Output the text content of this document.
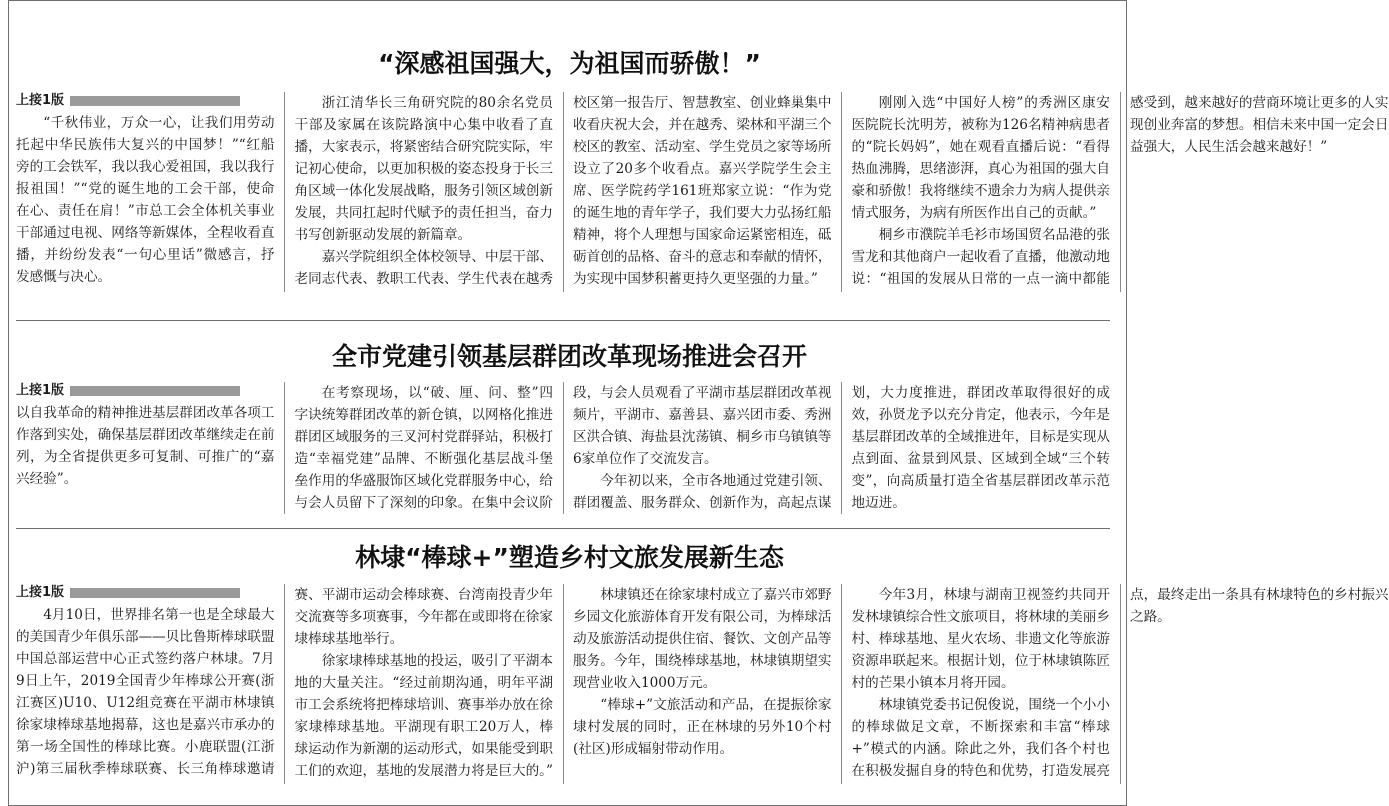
“深感祖国强大，为祖国而骄傲！”
上接1版

“千秋伟业，万众一心，让我们用劳动托起中华民族伟大复兴的中国梦！”“红船旁的工会铁军，我以我心爱祖国，我以我行报祖国！”“党的诞生地的工会干部，使命在心、责任在肩！”市总工会全体机关事业干部通过电视、网络等新媒体，全程收看直播，并纷纷发表“一句心里话”微感言，抒发感慨与决心。

浙江清华长三角研究院的80余名党员干部及家属在该院路演中心集中收看了直播，大家表示，将紧密结合研究院实际，牢记初心使命，以更加积极的姿态投身于长三角区域一体化发展战略，服务引领区域创新发展，共同扛起时代赋予的责任担当，奋力书写创新驱动发展的新篇章。

嘉兴学院组织全体校领导、中层干部、老同志代表、教职工代表、学生代表在越秀校区第一报告厅、智慧教室、创业蜂巢集中收看庆祝大会，并在越秀、梁林和平湖三个校区的教室、活动室、学生党员之家等场所设立了20多个收看点。嘉兴学院学生会主席、医学院药学161班郑家立说：“作为党的诞生地的青年学子，我们要大力弘扬红船精神，将个人理想与国家命运紧密相连，砥砺首创的品格、奋斗的意志和奉献的情怀，为实现中国梦积蓄更持久更坚强的力量。”

刚刚入选“中国好人榜”的秀洲区康安医院院长沈明芳，被称为126名精神病患者的“院长妈妈”，她在观看直播后说：“看得热血沸腾，思绪澎湃，真心为祖国的强大自豪和骄傲！我将继续不遗余力为病人提供亲情式服务，为病有所医作出自己的贡献。”

桐乡市濮院羊毛衫市场国贸名品港的张雪龙和其他商户一起收看了直播，他激动地说：“祖国的发展从日常的一点一滴中都能感受到，越来越好的营商环境让更多的人实现创业奔富的梦想。相信未来中国一定会日益强大，人民生活会越来越好！”

全市党建引领基层群团改革现场推进会召开
上接1版

以自我革命的精神推进基层群团改革各项工作落到实处，确保基层群团改革继续走在前列，为全省提供更多可复制、可推广的“嘉兴经验”。

在考察现场，以“破、厘、问、整”四字诀统筹群团改革的新仓镇，以网格化推进群团区域服务的三叉河村党群驿站，积极打造“幸福党建”品牌、不断强化基层战斗堡垒作用的华盛服饰区域化党群服务中心，给与会人员留下了深刻的印象。在集中会议阶段，与会人员观看了平湖市基层群团改革视频片，平湖市、嘉善县、嘉兴团市委、秀洲区洪合镇、海盐县沈荡镇、桐乡市乌镇镇等6家单位作了交流发言。

今年初以来，全市各地通过党建引领、群团覆盖、服务群众、创新作为，高起点谋划，大力度推进，群团改革取得很好的成效，孙贤龙予以充分肯定，他表示，今年是基层群团改革的全域推进年，目标是实现从点到面、盆景到风景、区域到全域“三个转变”，向高质量打造全省基层群团改革示范地迈进。

林埭“棒球+”塑造乡村文旅发展新生态
上接1版

4月10日，世界排名第一也是全球最大的美国青少年俱乐部——贝比鲁斯棒球联盟中国总部运营中心正式签约落户林埭。7月9日上午，2019全国青少年棒球公开赛(浙江赛区)U10、U12组竞赛在平湖市林埭镇徐家埭棒球基地揭幕，这也是嘉兴市承办的第一场全国性的棒球比赛。小鹿联盟(江浙沪)第三届秋季棒球联赛、长三角棒球邀请赛、平湖市运动会棒球赛、台湾南投青少年交流赛等多项赛事，今年都在或即将在徐家埭棒球基地举行。

徐家埭棒球基地的投运，吸引了平湖本地的大量关注。“经过前期沟通，明年平湖市工会系统将把棒球培训、赛事举办放在徐家埭棒球基地。平湖现有职工20万人，棒球运动作为新潮的运动形式，如果能受到职工们的欢迎，基地的发展潜力将是巨大的。”

林埭镇还在徐家埭村成立了嘉兴市郊野乡园文化旅游体育开发有限公司，为棒球活动及旅游活动提供住宿、餐饮、文创产品等服务。今年，围绕棒球基地，林埭镇期望实现营业收入1000万元。

“棒球+”文旅活动和产品，在提振徐家埭村发展的同时，正在林埭的另外10个村(社区)形成辐射带动作用。

今年3月，林埭与湖南卫视签约共同开发林埭镇综合性文旅项目，将林埭的美丽乡村、棒球基地、星火农场、非遗文化等旅游资源串联起来。根据计划，位于林埭镇陈匠村的芒果小镇本月将开园。

林埭镇党委书记倪俊说，围绕一个小小的棒球做足文章，不断探索和丰富“棒球+”模式的内涵。除此之外，我们各个村也在积极发掘自身的特色和优势，打造发展亮点，最终走出一条具有林埭特色的乡村振兴之路。
